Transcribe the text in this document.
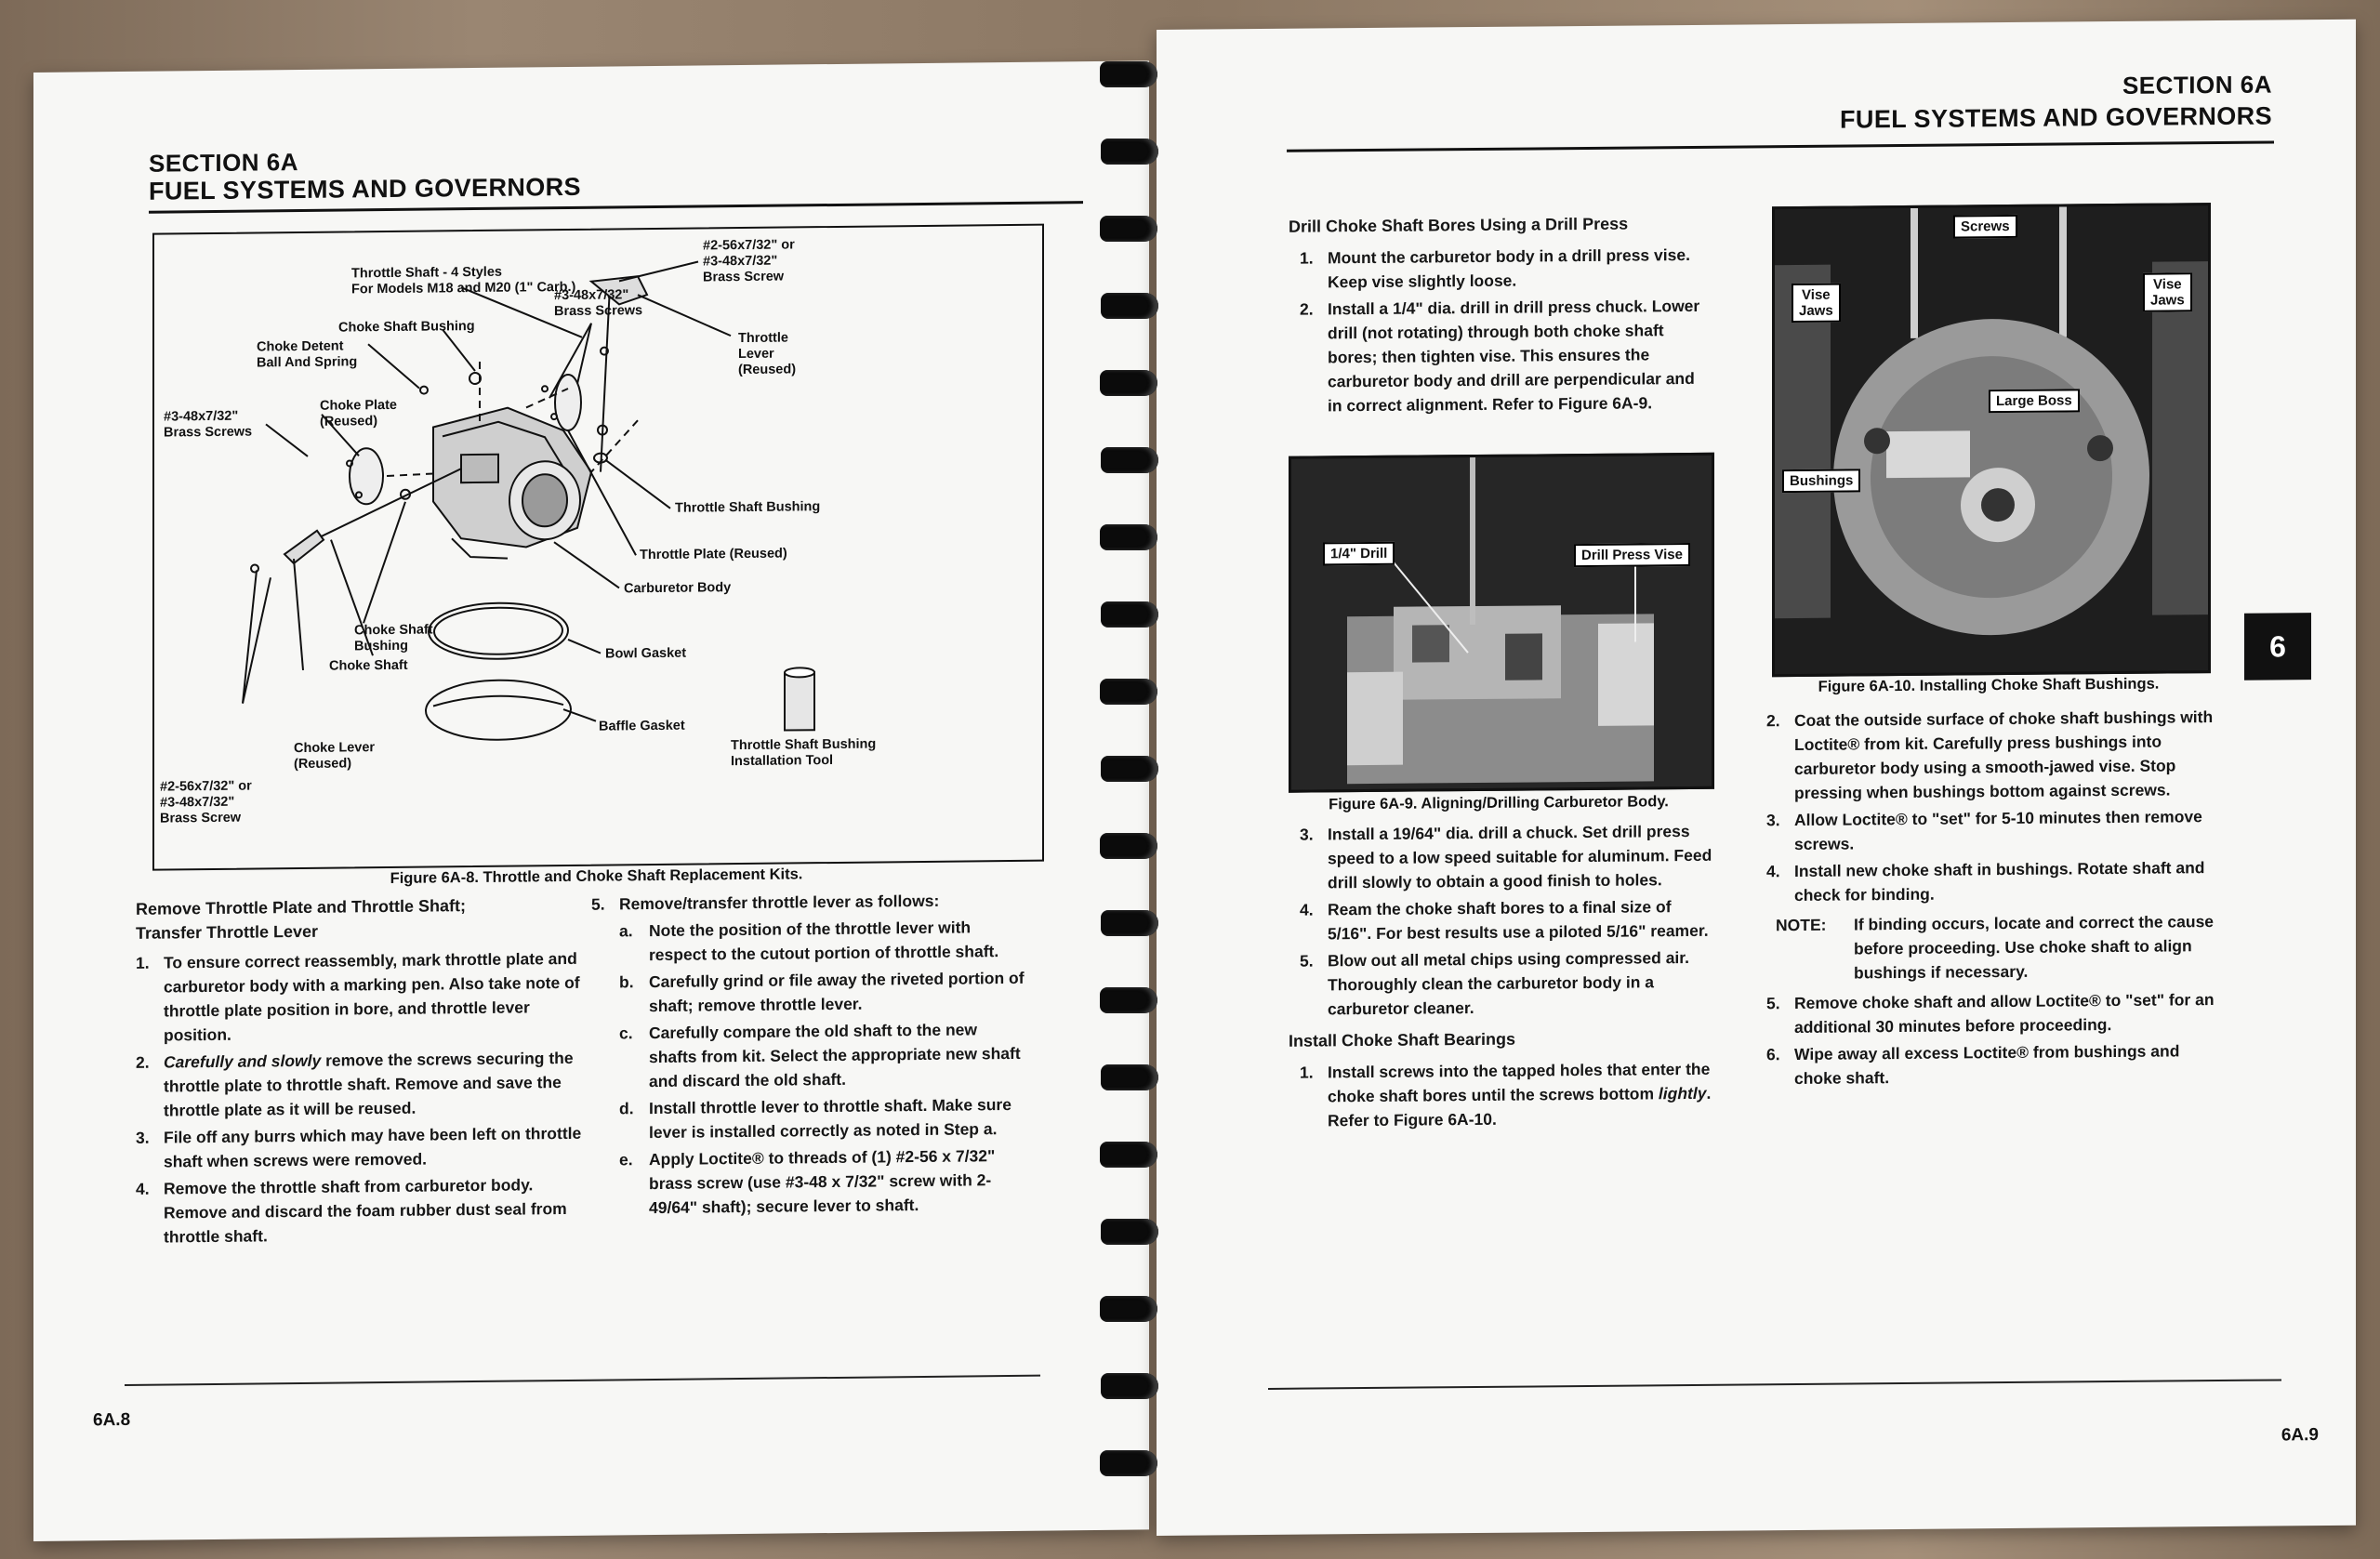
SECTION 6A
FUEL SYSTEMS AND GOVERNORS
Throttle Shaft - 4 Styles
For Models M18 and M20 (1" Carb.)
#2-56x7/32" or
#3-48x7/32"
Brass Screw
#3-48x7/32"
Brass Screws
Throttle
Lever
(Reused)
Choke Shaft Bushing
Choke Detent
Ball And Spring
#3-48x7/32"
Brass Screws
Choke Plate
(Reused)
Throttle Shaft Bushing
Throttle Plate (Reused)
Carburetor Body
Choke Shaft
Bushing
Choke Shaft
Bowl Gasket
Baffle Gasket
Choke Lever
(Reused)
#2-56x7/32" or
#3-48x7/32"
Brass Screw
Throttle Shaft Bushing
Installation Tool
Figure 6A-8. Throttle and Choke Shaft Replacement Kits.
Remove Throttle Plate and Throttle Shaft;
Transfer Throttle Lever
1. To ensure correct reassembly, mark throttle plate and carburetor body with a marking pen. Also take note of throttle plate position in bore, and throttle lever position.
2. Carefully and slowly remove the screws securing the throttle plate to throttle shaft. Remove and save the throttle plate as it will be reused.
3. File off any burrs which may have been left on throttle shaft when screws were removed.
4. Remove the throttle shaft from carburetor body. Remove and discard the foam rubber dust seal from throttle shaft.
5. Remove/transfer throttle lever as follows:
a. Note the position of the throttle lever with respect to the cutout portion of throttle shaft.
b. Carefully grind or file away the riveted portion of shaft; remove throttle lever.
c. Carefully compare the old shaft to the new shafts from kit. Select the appropriate new shaft and discard the old shaft.
d. Install throttle lever to throttle shaft. Make sure lever is installed correctly as noted in Step a.
e. Apply Loctite® to threads of (1) #2-56 x 7/32" brass screw (use #3-48 x 7/32" screw with 2-49/64" shaft); secure lever to shaft.
6A.8
SECTION 6A
FUEL SYSTEMS AND GOVERNORS
Drill Choke Shaft Bores Using a Drill Press
1. Mount the carburetor body in a drill press vise. Keep vise slightly loose.
2. Install a 1/4" dia. drill in drill press chuck. Lower drill (not rotating) through both choke shaft bores; then tighten vise. This ensures the carburetor body and drill are perpendicular and in correct alignment. Refer to Figure 6A-9.
1/4" Drill	Drill Press Vise
Figure 6A-9. Aligning/Drilling Carburetor Body.
3. Install a 19/64" dia. drill a chuck. Set drill press speed to a low speed suitable for aluminum. Feed drill slowly to obtain a good finish to holes.
4. Ream the choke shaft bores to a final size of 5/16". For best results use a piloted 5/16" reamer.
5. Blow out all metal chips using compressed air. Thoroughly clean the carburetor body in a carburetor cleaner.
Install Choke Shaft Bearings
1. Install screws into the tapped holes that enter the choke shaft bores until the screws bottom lightly. Refer to Figure 6A-10.
Screws
Vise
Jaws
Vise
Jaws
Large Boss
Bushings
Figure 6A-10. Installing Choke Shaft Bushings.
2. Coat the outside surface of choke shaft bushings with Loctite® from kit. Carefully press bushings into carburetor body using a smooth-jawed vise. Stop pressing when bushings bottom against screws.
3. Allow Loctite® to "set" for 5-10 minutes then remove screws.
4. Install new choke shaft in bushings. Rotate shaft and check for binding.
NOTE:	If binding occurs, locate and correct the cause before proceeding. Use choke shaft to align bushings if necessary.
5. Remove choke shaft and allow Loctite® to "set" for an additional 30 minutes before proceeding.
6. Wipe away all excess Loctite® from bushings and choke shaft.
6
6A.9
